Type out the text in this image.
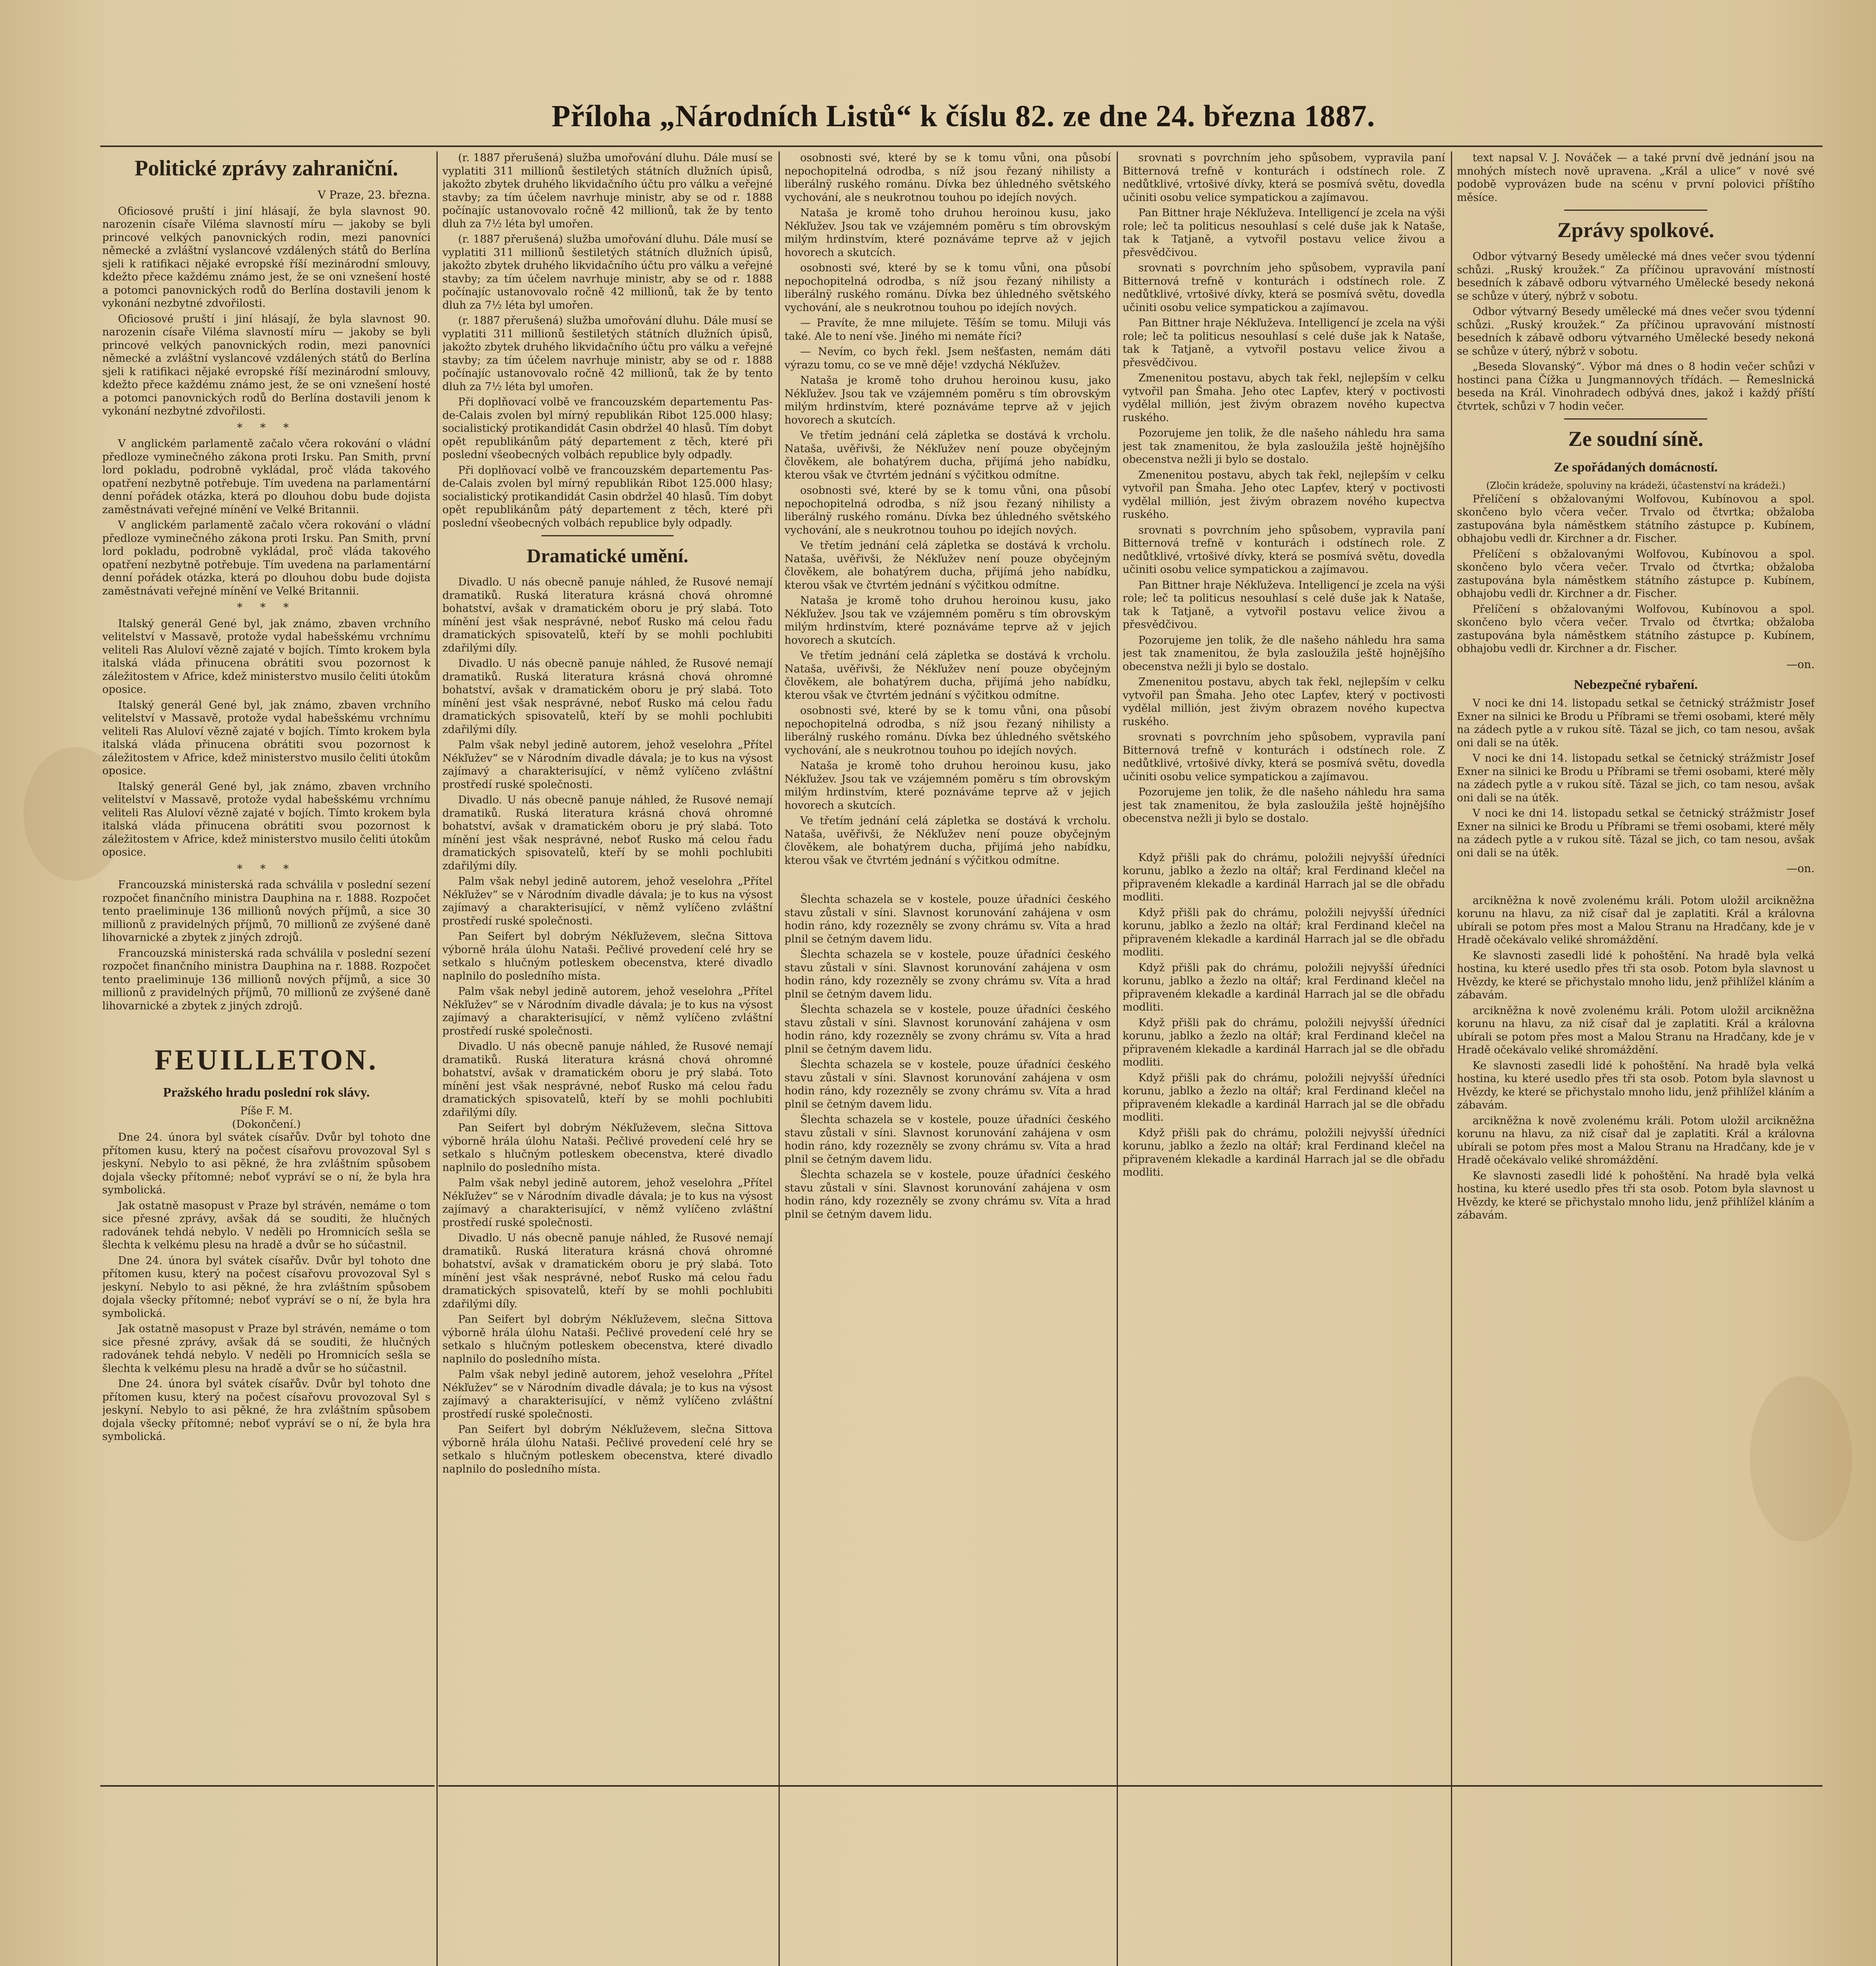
Příloha „Národních Listů“ k číslu 82. ze dne 24. března 1887.
Politické zprávy zahraniční.
V Praze, 23. března.

Oficiosové pruští i jiní hlásají, že byla slavnost 90. narozenin císaře Viléma slavností míru — jakoby se byli princové velkých panovnických rodin, mezi panovníci německé a zvláštní vyslancové vzdálených států do Berlína sjeli k ratifikaci nějaké evropské říší mezinárodní smlouvy, kdežto přece každému známo jest, že se oni vznešení hosté a potomci panovnických rodů do Berlína dostavili jenom k vykonání nezbytné zdvořilosti.

Oficiosové pruští i jiní hlásají, že byla slavnost 90. narozenin císaře Viléma slavností míru — jakoby se byli princové velkých panovnických rodin, mezi panovníci německé a zvláštní vyslancové vzdálených států do Berlína sjeli k ratifikaci nějaké evropské říší mezinárodní smlouvy, kdežto přece každému známo jest, že se oni vznešení hosté a potomci panovnických rodů do Berlína dostavili jenom k vykonání nezbytné zdvořilosti.

* * *

V anglickém parlamentě začalo včera rokování o vládní předloze vyminečného zákona proti Irsku. Pan Smith, první lord pokladu, podrobně vykládal, proč vláda takového opatření nezbytně potřebuje. Tím uvedena na parlamentární denní pořádek otázka, která po dlouhou dobu bude dojista zaměstnávati veřejné mínění ve Velké Britannii.

V anglickém parlamentě začalo včera rokování o vládní předloze vyminečného zákona proti Irsku. Pan Smith, první lord pokladu, podrobně vykládal, proč vláda takového opatření nezbytně potřebuje. Tím uvedena na parlamentární denní pořádek otázka, která po dlouhou dobu bude dojista zaměstnávati veřejné mínění ve Velké Britannii.

* * *

Italský generál Gené byl, jak známo, zbaven vrchního velitelství v Massavě, protože vydal habešskému vrchnímu veliteli Ras Aluloví vězně zajaté v bojích. Tímto krokem byla italská vláda přinucena obrátiti svou pozornost k záležitostem v Africe, kdež ministerstvo musilo čeliti útokům oposice.

Italský generál Gené byl, jak známo, zbaven vrchního velitelství v Massavě, protože vydal habešskému vrchnímu veliteli Ras Aluloví vězně zajaté v bojích. Tímto krokem byla italská vláda přinucena obrátiti svou pozornost k záležitostem v Africe, kdež ministerstvo musilo čeliti útokům oposice.

Italský generál Gené byl, jak známo, zbaven vrchního velitelství v Massavě, protože vydal habešskému vrchnímu veliteli Ras Aluloví vězně zajaté v bojích. Tímto krokem byla italská vláda přinucena obrátiti svou pozornost k záležitostem v Africe, kdež ministerstvo musilo čeliti útokům oposice.

* * *

Francouzská ministerská rada schválila v poslední sezení rozpočet finančního ministra Dauphina na r. 1888. Rozpočet tento praeliminuje 136 millionů nových příjmů, a sice 30 millionů z pravidelných příjmů, 70 millionů ze zvýšené daně lihovarnické a zbytek z jiných zdrojů.

Francouzská ministerská rada schválila v poslední sezení rozpočet finančního ministra Dauphina na r. 1888. Rozpočet tento praeliminuje 136 millionů nových příjmů, a sice 30 millionů z pravidelných příjmů, 70 millionů ze zvýšené daně lihovarnické a zbytek z jiných zdrojů.

FEUILLETON.
Pražského hradu poslední rok slávy.
Píše F. M.
(Dokončení.)

Dne 24. února byl svátek císařův. Dvůr byl tohoto dne přítomen kusu, který na počest císařovu provozoval Syl s jeskyní. Nebylo to asi pěkné, že hra zvláštním spůsobem dojala všecky přítomné; neboť vypráví se o ní, že byla hra symbolická.

Jak ostatně masopust v Praze byl strávén, nemáme o tom sice přesné zprávy, avšak dá se souditi, že hlučných radovánek tehdá nebylo. V neděli po Hromnicích sešla se šlechta k velkému plesu na hradě a dvůr se ho súčastnil.

Dne 24. února byl svátek císařův. Dvůr byl tohoto dne přítomen kusu, který na počest císařovu provozoval Syl s jeskyní. Nebylo to asi pěkné, že hra zvláštním spůsobem dojala všecky přítomné; neboť vypráví se o ní, že byla hra symbolická.

Jak ostatně masopust v Praze byl strávén, nemáme o tom sice přesné zprávy, avšak dá se souditi, že hlučných radovánek tehdá nebylo. V neděli po Hromnicích sešla se šlechta k velkému plesu na hradě a dvůr se ho súčastnil.

Dne 24. února byl svátek císařův. Dvůr byl tohoto dne přítomen kusu, který na počest císařovu provozoval Syl s jeskyní. Nebylo to asi pěkné, že hra zvláštním spůsobem dojala všecky přítomné; neboť vypráví se o ní, že byla hra symbolická.

(r. 1887 přerušená) služba umořování dluhu. Dále musí se vyplatiti 311 millionů šestiletých státních dlužních úpisů, jakožto zbytek druhého likvidačního účtu pro válku a veřejné stavby; za tím účelem navrhuje ministr, aby se od r. 1888 počínajíc ustanovovalo ročně 42 millionů, tak že by tento dluh za 7½ léta byl umořen.

(r. 1887 přerušená) služba umořování dluhu. Dále musí se vyplatiti 311 millionů šestiletých státních dlužních úpisů, jakožto zbytek druhého likvidačního účtu pro válku a veřejné stavby; za tím účelem navrhuje ministr, aby se od r. 1888 počínajíc ustanovovalo ročně 42 millionů, tak že by tento dluh za 7½ léta byl umořen.

(r. 1887 přerušená) služba umořování dluhu. Dále musí se vyplatiti 311 millionů šestiletých státních dlužních úpisů, jakožto zbytek druhého likvidačního účtu pro válku a veřejné stavby; za tím účelem navrhuje ministr, aby se od r. 1888 počínajíc ustanovovalo ročně 42 millionů, tak že by tento dluh za 7½ léta byl umořen.

Při doplňovací volbě ve francouzském departementu Pas-de-Calais zvolen byl mírný republikán Ribot 125.000 hlasy; socialistický protikandidát Casin obdržel 40 hlasů. Tím dobyt opět republikánům pátý departement z těch, které při poslední všeobecných volbách republice byly odpadly.

Při doplňovací volbě ve francouzském departementu Pas-de-Calais zvolen byl mírný republikán Ribot 125.000 hlasy; socialistický protikandidát Casin obdržel 40 hlasů. Tím dobyt opět republikánům pátý departement z těch, které při poslední všeobecných volbách republice byly odpadly.

Dramatické umění.

Divadlo. U nás obecně panuje náhled, že Rusové nemají dramatiků. Ruská literatura krásná chová ohromné bohatství, avšak v dramatickém oboru je prý slabá. Toto mínění jest však nesprávné, neboť Rusko má celou řadu dramatických spisovatelů, kteří by se mohli pochlubiti zdařilými díly.

Divadlo. U nás obecně panuje náhled, že Rusové nemají dramatiků. Ruská literatura krásná chová ohromné bohatství, avšak v dramatickém oboru je prý slabá. Toto mínění jest však nesprávné, neboť Rusko má celou řadu dramatických spisovatelů, kteří by se mohli pochlubiti zdařilými díly.

Palm však nebyl jedině autorem, jehož veselohra „Přítel Nékľužev“ se v Národním divadle dávala; je to kus na výsost zajímavý a charakterisující, v němž vylíčeno zvláštní prostředí ruské společnosti.

Divadlo. U nás obecně panuje náhled, že Rusové nemají dramatiků. Ruská literatura krásná chová ohromné bohatství, avšak v dramatickém oboru je prý slabá. Toto mínění jest však nesprávné, neboť Rusko má celou řadu dramatických spisovatelů, kteří by se mohli pochlubiti zdařilými díly.

Palm však nebyl jedině autorem, jehož veselohra „Přítel Nékľužev“ se v Národním divadle dávala; je to kus na výsost zajímavý a charakterisující, v němž vylíčeno zvláštní prostředí ruské společnosti.

Pan Seifert byl dobrým Nékľuževem, slečna Sittova výborně hrála úlohu Nataši. Pečlivé provedení celé hry se setkalo s hlučným potleskem obecenstva, které divadlo naplnilo do posledního místa.

Palm však nebyl jedině autorem, jehož veselohra „Přítel Nékľužev“ se v Národním divadle dávala; je to kus na výsost zajímavý a charakterisující, v němž vylíčeno zvláštní prostředí ruské společnosti.

Divadlo. U nás obecně panuje náhled, že Rusové nemají dramatiků. Ruská literatura krásná chová ohromné bohatství, avšak v dramatickém oboru je prý slabá. Toto mínění jest však nesprávné, neboť Rusko má celou řadu dramatických spisovatelů, kteří by se mohli pochlubiti zdařilými díly.

Pan Seifert byl dobrým Nékľuževem, slečna Sittova výborně hrála úlohu Nataši. Pečlivé provedení celé hry se setkalo s hlučným potleskem obecenstva, které divadlo naplnilo do posledního místa.

Palm však nebyl jedině autorem, jehož veselohra „Přítel Nékľužev“ se v Národním divadle dávala; je to kus na výsost zajímavý a charakterisující, v němž vylíčeno zvláštní prostředí ruské společnosti.

Divadlo. U nás obecně panuje náhled, že Rusové nemají dramatiků. Ruská literatura krásná chová ohromné bohatství, avšak v dramatickém oboru je prý slabá. Toto mínění jest však nesprávné, neboť Rusko má celou řadu dramatických spisovatelů, kteří by se mohli pochlubiti zdařilými díly.

Pan Seifert byl dobrým Nékľuževem, slečna Sittova výborně hrála úlohu Nataši. Pečlivé provedení celé hry se setkalo s hlučným potleskem obecenstva, které divadlo naplnilo do posledního místa.

Palm však nebyl jedině autorem, jehož veselohra „Přítel Nékľužev“ se v Národním divadle dávala; je to kus na výsost zajímavý a charakterisující, v němž vylíčeno zvláštní prostředí ruské společnosti.

Pan Seifert byl dobrým Nékľuževem, slečna Sittova výborně hrála úlohu Nataši. Pečlivé provedení celé hry se setkalo s hlučným potleskem obecenstva, které divadlo naplnilo do posledního místa.

osobnosti své, které by se k tomu vůni, ona působí nepochopitelná odrodba, s níž jsou řezaný nihilisty a liberálnÿ ruského románu. Dívka bez úhledného světského vychování, ale s neukrotnou touhou po idejích nových.

Nataša je kromě toho druhou heroinou kusu, jako Nékľužev. Jsou tak ve vzájemném poměru s tím obrovským milým hrdinstvím, které poznáváme teprve až v jejich hovorech a skutcích.

osobnosti své, které by se k tomu vůni, ona působí nepochopitelná odrodba, s níž jsou řezaný nihilisty a liberálnÿ ruského románu. Dívka bez úhledného světského vychování, ale s neukrotnou touhou po idejích nových.

— Pravíte, že mne milujete. Těším se tomu. Miluji vás také. Ale to není vše. Jiného mi nemáte říci?

— Nevím, co bych řekl. Jsem nešťasten, nemám dáti výrazu tomu, co se ve mně děje! vzdychá Nékľužev.

Nataša je kromě toho druhou heroinou kusu, jako Nékľužev. Jsou tak ve vzájemném poměru s tím obrovským milým hrdinstvím, které poznáváme teprve až v jejich hovorech a skutcích.

Ve třetím jednání celá zápletka se dostává k vrcholu. Nataša, uvěřivši, že Nékľužev není pouze obyčejným člověkem, ale bohatýrem ducha, přijímá jeho nabídku, kterou však ve čtvrtém jednání s výčitkou odmítne.

osobnosti své, které by se k tomu vůni, ona působí nepochopitelná odrodba, s níž jsou řezaný nihilisty a liberálnÿ ruského románu. Dívka bez úhledného světského vychování, ale s neukrotnou touhou po idejích nových.

Ve třetím jednání celá zápletka se dostává k vrcholu. Nataša, uvěřivši, že Nékľužev není pouze obyčejným člověkem, ale bohatýrem ducha, přijímá jeho nabídku, kterou však ve čtvrtém jednání s výčitkou odmítne.

Nataša je kromě toho druhou heroinou kusu, jako Nékľužev. Jsou tak ve vzájemném poměru s tím obrovským milým hrdinstvím, které poznáváme teprve až v jejich hovorech a skutcích.

Ve třetím jednání celá zápletka se dostává k vrcholu. Nataša, uvěřivši, že Nékľužev není pouze obyčejným člověkem, ale bohatýrem ducha, přijímá jeho nabídku, kterou však ve čtvrtém jednání s výčitkou odmítne.

osobnosti své, které by se k tomu vůni, ona působí nepochopitelná odrodba, s níž jsou řezaný nihilisty a liberálnÿ ruského románu. Dívka bez úhledného světského vychování, ale s neukrotnou touhou po idejích nových.

Nataša je kromě toho druhou heroinou kusu, jako Nékľužev. Jsou tak ve vzájemném poměru s tím obrovským milým hrdinstvím, které poznáváme teprve až v jejich hovorech a skutcích.

Ve třetím jednání celá zápletka se dostává k vrcholu. Nataša, uvěřivši, že Nékľužev není pouze obyčejným člověkem, ale bohatýrem ducha, přijímá jeho nabídku, kterou však ve čtvrtém jednání s výčitkou odmítne.

Šlechta schazela se v kostele, pouze úřadníci českého stavu zůstali v síni. Slavnost korunování zahájena v osm hodin ráno, kdy rozezněly se zvony chrámu sv. Víta a hrad plnil se četným davem lidu.

Šlechta schazela se v kostele, pouze úřadníci českého stavu zůstali v síni. Slavnost korunování zahájena v osm hodin ráno, kdy rozezněly se zvony chrámu sv. Víta a hrad plnil se četným davem lidu.

Šlechta schazela se v kostele, pouze úřadníci českého stavu zůstali v síni. Slavnost korunování zahájena v osm hodin ráno, kdy rozezněly se zvony chrámu sv. Víta a hrad plnil se četným davem lidu.

Šlechta schazela se v kostele, pouze úřadníci českého stavu zůstali v síni. Slavnost korunování zahájena v osm hodin ráno, kdy rozezněly se zvony chrámu sv. Víta a hrad plnil se četným davem lidu.

Šlechta schazela se v kostele, pouze úřadníci českého stavu zůstali v síni. Slavnost korunování zahájena v osm hodin ráno, kdy rozezněly se zvony chrámu sv. Víta a hrad plnil se četným davem lidu.

Šlechta schazela se v kostele, pouze úřadníci českého stavu zůstali v síni. Slavnost korunování zahájena v osm hodin ráno, kdy rozezněly se zvony chrámu sv. Víta a hrad plnil se četným davem lidu.

srovnati s povrchním jeho spůsobem, vypravila paní Bitternová trefně v konturách i odstínech role. Z nedůtklivé, vrtošivé dívky, která se posmívá světu, dovedla učiniti osobu velice sympatickou a zajímavou.

Pan Bittner hraje Nékľuževa. Intelligencí je zcela na výši role; leč ta politicus nesouhlasí s celé duše jak k Nataše, tak k Tatjaně, a vytvořil postavu velice živou a přesvědčivou.

srovnati s povrchním jeho spůsobem, vypravila paní Bitternová trefně v konturách i odstínech role. Z nedůtklivé, vrtošivé dívky, která se posmívá světu, dovedla učiniti osobu velice sympatickou a zajímavou.

Pan Bittner hraje Nékľuževa. Intelligencí je zcela na výši role; leč ta politicus nesouhlasí s celé duše jak k Nataše, tak k Tatjaně, a vytvořil postavu velice živou a přesvědčivou.

Zmenenitou postavu, abych tak řekl, nejlepším v celku vytvořil pan Šmaha. Jeho otec Lapťev, který v poctivosti vydělal millión, jest živým obrazem nového kupectva ruského.

Pozorujeme jen tolik, že dle našeho náhledu hra sama jest tak znamenitou, že byla zasloužila ještě hojnějšího obecenstva nežli ji bylo se dostalo.

Zmenenitou postavu, abych tak řekl, nejlepším v celku vytvořil pan Šmaha. Jeho otec Lapťev, který v poctivosti vydělal millión, jest živým obrazem nového kupectva ruského.

srovnati s povrchním jeho spůsobem, vypravila paní Bitternová trefně v konturách i odstínech role. Z nedůtklivé, vrtošivé dívky, která se posmívá světu, dovedla učiniti osobu velice sympatickou a zajímavou.

Pan Bittner hraje Nékľuževa. Intelligencí je zcela na výši role; leč ta politicus nesouhlasí s celé duše jak k Nataše, tak k Tatjaně, a vytvořil postavu velice živou a přesvědčivou.

Pozorujeme jen tolik, že dle našeho náhledu hra sama jest tak znamenitou, že byla zasloužila ještě hojnějšího obecenstva nežli ji bylo se dostalo.

Zmenenitou postavu, abych tak řekl, nejlepším v celku vytvořil pan Šmaha. Jeho otec Lapťev, který v poctivosti vydělal millión, jest živým obrazem nového kupectva ruského.

srovnati s povrchním jeho spůsobem, vypravila paní Bitternová trefně v konturách i odstínech role. Z nedůtklivé, vrtošivé dívky, která se posmívá světu, dovedla učiniti osobu velice sympatickou a zajímavou.

Pozorujeme jen tolik, že dle našeho náhledu hra sama jest tak znamenitou, že byla zasloužila ještě hojnějšího obecenstva nežli ji bylo se dostalo.

Když přišli pak do chrámu, položili nejvyšší úředníci korunu, jablko a žezlo na oltář; kral Ferdinand klečel na připraveném klekadle a kardinál Harrach jal se dle obřadu modliti.

Když přišli pak do chrámu, položili nejvyšší úředníci korunu, jablko a žezlo na oltář; kral Ferdinand klečel na připraveném klekadle a kardinál Harrach jal se dle obřadu modliti.

Když přišli pak do chrámu, položili nejvyšší úředníci korunu, jablko a žezlo na oltář; kral Ferdinand klečel na připraveném klekadle a kardinál Harrach jal se dle obřadu modliti.

Když přišli pak do chrámu, položili nejvyšší úředníci korunu, jablko a žezlo na oltář; kral Ferdinand klečel na připraveném klekadle a kardinál Harrach jal se dle obřadu modliti.

Když přišli pak do chrámu, položili nejvyšší úředníci korunu, jablko a žezlo na oltář; kral Ferdinand klečel na připraveném klekadle a kardinál Harrach jal se dle obřadu modliti.

Když přišli pak do chrámu, položili nejvyšší úředníci korunu, jablko a žezlo na oltář; kral Ferdinand klečel na připraveném klekadle a kardinál Harrach jal se dle obřadu modliti.

text napsal V. J. Nováček — a také první dvě jednání jsou na mnohých místech nově upravena. „Král a ulice“ v nové své podobě vyprovázen bude na scénu v první polovici příštího měsíce.

Zprávy spolkové.

Odbor výtvarný Besedy umělecké má dnes večer svou týdenní schůzi. „Ruský kroužek.“ Za příčinou upravování místností besedních k zábavě odboru výtvarného Umělecké besedy nekoná se schůze v úterý, nýbrž v sobotu.

Odbor výtvarný Besedy umělecké má dnes večer svou týdenní schůzi. „Ruský kroužek.“ Za příčinou upravování místností besedních k zábavě odboru výtvarného Umělecké besedy nekoná se schůze v úterý, nýbrž v sobotu.

„Beseda Slovanský“. Výbor má dnes o 8 hodin večer schůzi v hostinci pana Čížka u Jungmannových třídách. — Řemeslnická beseda na Král. Vinohradech odbývá dnes, jakož i každý příští čtvrtek, schůzi v 7 hodin večer.

Ze soudní síně.
Ze spořádaných domácností.
(Zločin krádeže, spoluviny na krádeži, účastenství na krádeži.)

Přelíčení s obžalovanými Wolfovou, Kubínovou a spol. skončeno bylo včera večer. Trvalo od čtvrtka; obžaloba zastupována byla náměstkem státního zástupce p. Kubínem, obhajobu vedli dr. Kirchner a dr. Fischer.

Přelíčení s obžalovanými Wolfovou, Kubínovou a spol. skončeno bylo včera večer. Trvalo od čtvrtka; obžaloba zastupována byla náměstkem státního zástupce p. Kubínem, obhajobu vedli dr. Kirchner a dr. Fischer.

Přelíčení s obžalovanými Wolfovou, Kubínovou a spol. skončeno bylo včera večer. Trvalo od čtvrtka; obžaloba zastupována byla náměstkem státního zástupce p. Kubínem, obhajobu vedli dr. Kirchner a dr. Fischer.

—on.
Nebezpečné rybaření.

V noci ke dni 14. listopadu setkal se četnický strážmistr Josef Exner na silnici ke Brodu u Příbrami se třemi osobami, které měly na zádech pytle a v rukou sítě. Tázal se jich, co tam nesou, avšak oni dali se na útěk.

V noci ke dni 14. listopadu setkal se četnický strážmistr Josef Exner na silnici ke Brodu u Příbrami se třemi osobami, které měly na zádech pytle a v rukou sítě. Tázal se jich, co tam nesou, avšak oni dali se na útěk.

V noci ke dni 14. listopadu setkal se četnický strážmistr Josef Exner na silnici ke Brodu u Příbrami se třemi osobami, které měly na zádech pytle a v rukou sítě. Tázal se jich, co tam nesou, avšak oni dali se na útěk.

—on.

arcikněžna k nově zvolenému králi. Potom uložil arcikněžna korunu na hlavu, za niž císař dal je zaplatiti. Král a královna ubírali se potom přes most a Malou Stranu na Hradčany, kde je v Hradě očekávalo veliké shromáždění.

Ke slavnosti zasedli lidé k pohoštění. Na hradě byla velká hostina, ku které usedlo přes tři sta osob. Potom byla slavnost u Hvězdy, ke které se přichystalo mnoho lidu, jenž přihlížel kláním a zábavám.

arcikněžna k nově zvolenému králi. Potom uložil arcikněžna korunu na hlavu, za niž císař dal je zaplatiti. Král a královna ubírali se potom přes most a Malou Stranu na Hradčany, kde je v Hradě očekávalo veliké shromáždění.

Ke slavnosti zasedli lidé k pohoštění. Na hradě byla velká hostina, ku které usedlo přes tři sta osob. Potom byla slavnost u Hvězdy, ke které se přichystalo mnoho lidu, jenž přihlížel kláním a zábavám.

arcikněžna k nově zvolenému králi. Potom uložil arcikněžna korunu na hlavu, za niž císař dal je zaplatiti. Král a královna ubírali se potom přes most a Malou Stranu na Hradčany, kde je v Hradě očekávalo veliké shromáždění.

Ke slavnosti zasedli lidé k pohoštění. Na hradě byla velká hostina, ku které usedlo přes tři sta osob. Potom byla slavnost u Hvězdy, ke které se přichystalo mnoho lidu, jenž přihlížel kláním a zábavám.
